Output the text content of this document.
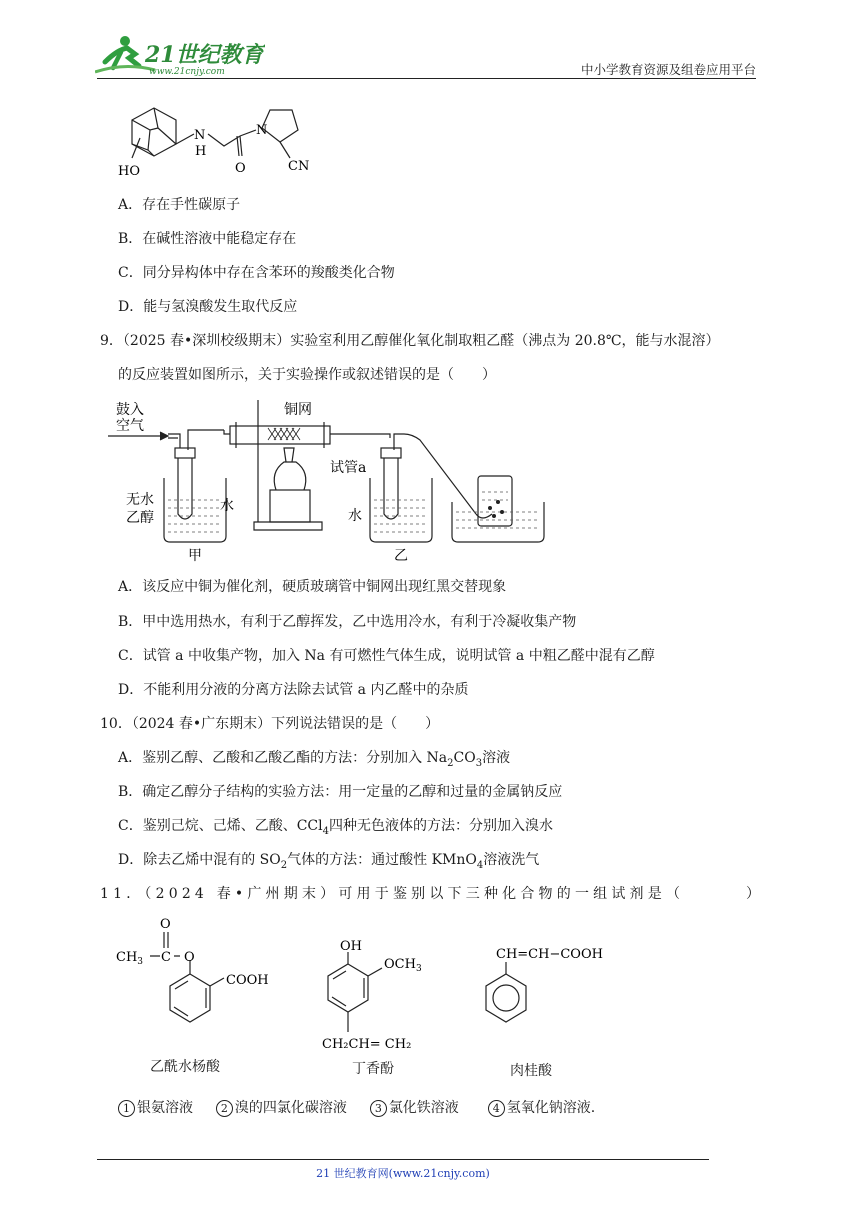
21世纪教育
www.21cnjy.com	中小学教育资源及组卷应用平台
N
H
HO	O
N
CN
A．存在手性碳原子
B．在碱性溶液中能稳定存在
C．同分异构体中存在含苯环的羧酸类化合物
D．能与氢溴酸发生取代反应
9．（2025 春•深圳校级期末）实验室利用乙醇催化氧化制取粗乙醛（沸点为 20.8℃，能与水混溶）
的反应装置如图所示，关于实验操作或叙述错误的是（　　）
鼓入
空气
铜网
试管a
无水
乙醇
水
水
甲	乙
A．该反应中铜为催化剂，硬质玻璃管中铜网出现红黑交替现象
B．甲中选用热水，有利于乙醇挥发，乙中选用冷水，有利于冷凝收集产物
C．试管 a 中收集产物，加入 Na 有可燃性气体生成，说明试管 a 中粗乙醛中混有乙醇
D．不能利用分液的分离方法除去试管 a 内乙醛中的杂质
10．（2024 春•广东期末）下列说法错误的是（　　）
A．鉴别乙醇、乙酸和乙酸乙酯的方法：分别加入 $Na_2CO_3$溶液
B．确定乙醇分子结构的实验方法：用一定量的乙醇和过量的金属钠反应
C．鉴别己烷、己烯、乙酸、CCl$_4$四种无色液体的方法：分别加入溴水
D．除去乙烯中混有的 $SO_2$气体的方法：通过酸性 KMnO$_4$溶液洗气
11．（2024 春•广州期末）可用于鉴别以下三种化合物的一组试剂是（	）
O
$CH_3$ C O
COOH
乙酰水杨酸
OH
$OCH_3$
CH₂CH= CH₂
丁香酚
CH=CH−COOH
肉桂酸
1 银氨溶液	2 溴的四氯化碳溶液	3 氯化铁溶液	4 氢氧化钠溶液.
21 世纪教育网(www.21cnjy.com)
